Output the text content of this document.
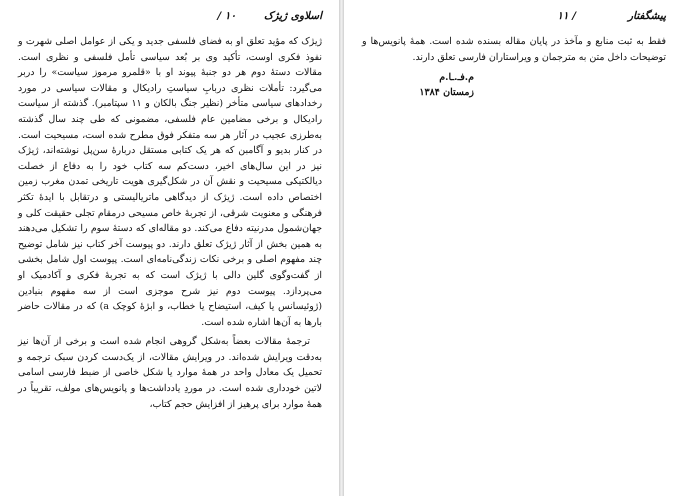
اسلاوی ژیژک
۱۰ /

ژیژک که مؤید تعلق او به فضای فلسفی جدید و یکی از عوامل اصلی شهرت و نفوذ فکری اوست، تأکید وی بر بُعد سیاسی تأمل فلسفی و نظری است. مقالات دستهٔ دوم هر دو جنبهٔ پیوند او با «قلمرو مرموز سیاست» را دربر می‌گیرد: تأملات نظری دربابِ سیاستِ رادیکال و مقالات سیاسی در مورد رخدادهای سیاسی متأخر (نظیر جنگ بالکان و ۱۱ سپتامبر). گذشته از سیاست رادیکال و برخی مضامین عام فلسفی، مضمونی که طی چند سال گذشته به‌طرزی عجیب در آثار هر سه متفکر فوق مطرح شده است، مسیحیت است. در کنار بدیو و آگامبن که هر یک کتابی مستقل دربارهٔ سن‌پل نوشته‌اند، ژیژک نیز در این سال‌های اخیر، دست‌کم سه کتاب خود را به دفاع از خصلت دیالکتیکی مسیحیت و نقش آن در شکل‌گیری هویت تاریخی تمدن مغرب زمین اختصاص داده است. ژیژک از دیدگاهی ماتریالیستی و درتقابل با ایدهٔ تکثر فرهنگی و معنویت شرقی، از تجربهٔ خاص مسیحی درمقام تجلی حقیقت کلی و جهان‌شمول مدرنیته دفاع می‌کند. دو مقاله‌ای که دستهٔ سوم را تشکیل می‌دهند به همین بخش از آثار ژیژک تعلق دارند. دو پیوست آخر کتاب نیز شامل توضیح چند مفهوم اصلی و برخی نکات زندگی‌نامه‌ای است. پیوست اول شامل بخشی از گفت‌وگوی گلین دالی با ژیژک است که به تجربهٔ فکری و آکادمیک او می‌پردازد. پیوست دوم نیز شرح موجزی است از سه مفهوم بنیادین (ژوئیسانس یا کیف، استیضاح یا خطاب، و ابژهٔ کوچک a) که در مقالات حاضر بارها به آن‌ها اشاره شده است.

ترجمهٔ مقالات بعضاً به‌شکل گروهی انجام شده است و برخی از آن‌ها نیز به‌دقت ویرایش شده‌اند. در ویرایش مقالات، از یک‌دست کردن سبک ترجمه و تحمیل یک معادل واحد در همهٔ موارد یا شکل خاصی از ضبط فارسی اسامی لاتین خودداری شده است. در موردِ یادداشت‌ها و پانویس‌های مولف، تقریباً در همهٔ موارد برای پرهیز از افزایش حجم کتاب،

پیشگفتار
/ ۱۱

فقط به ثبت منابع و مآخذ در پایان مقاله بسنده شده است. همهٔ پانویس‌ها و توضیحات داخل متن به مترجمان و ویراستاران فارسی تعلق دارند.

م.فـ.ـا.م
زمستان ۱۳۸۴
